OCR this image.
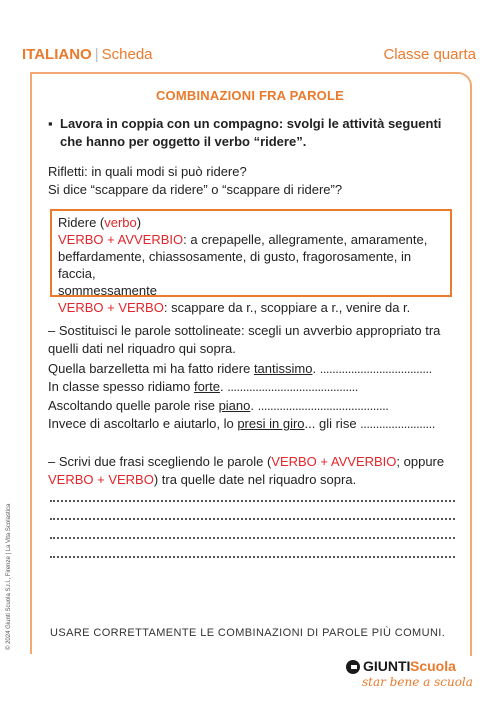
ITALIANO | Scheda	Classe quarta
COMBINAZIONI FRA PAROLE
▪ Lavora in coppia con un compagno: svolgi le attività seguenti che hanno per oggetto il verbo “ridere”.
Rifletti: in quali modi si può ridere?
Si dice “scappare da ridere” o “scappare di ridere”?
Ridere (verbo)
VERBO + AVVERBIO: a crepapelle, allegramente, amaramente,
beffardamente, chiassosamente, di gusto, fragorosamente, in faccia,
sommessamente
VERBO + VERBO: scappare da r., scoppiare a r., venire da r.
– Sostituisci le parole sottolineate: scegli un avverbio appropriato tra
quelli dati nel riquadro qui sopra.
Quella barzelletta mi ha fatto ridere tantissimo. ....................................
In classe spesso ridiamo forte. ..........................................
Ascoltando quelle parole rise piano. ..........................................
Invece di ascoltarlo e aiutarlo, lo presi in giro... gli rise ........................
– Scrivi due frasi scegliendo le parole (VERBO + AVVERBIO; oppure
VERBO + VERBO) tra quelle date nel riquadro sopra.
USARE CORRETTAMENTE LE COMBINAZIONI DI PAROLE PIÙ COMUNI.
© 2024 Giunti Scuola S.r.l., Firenze | La Vita Scolastica
GIUNTI Scuola
star bene a scuola
